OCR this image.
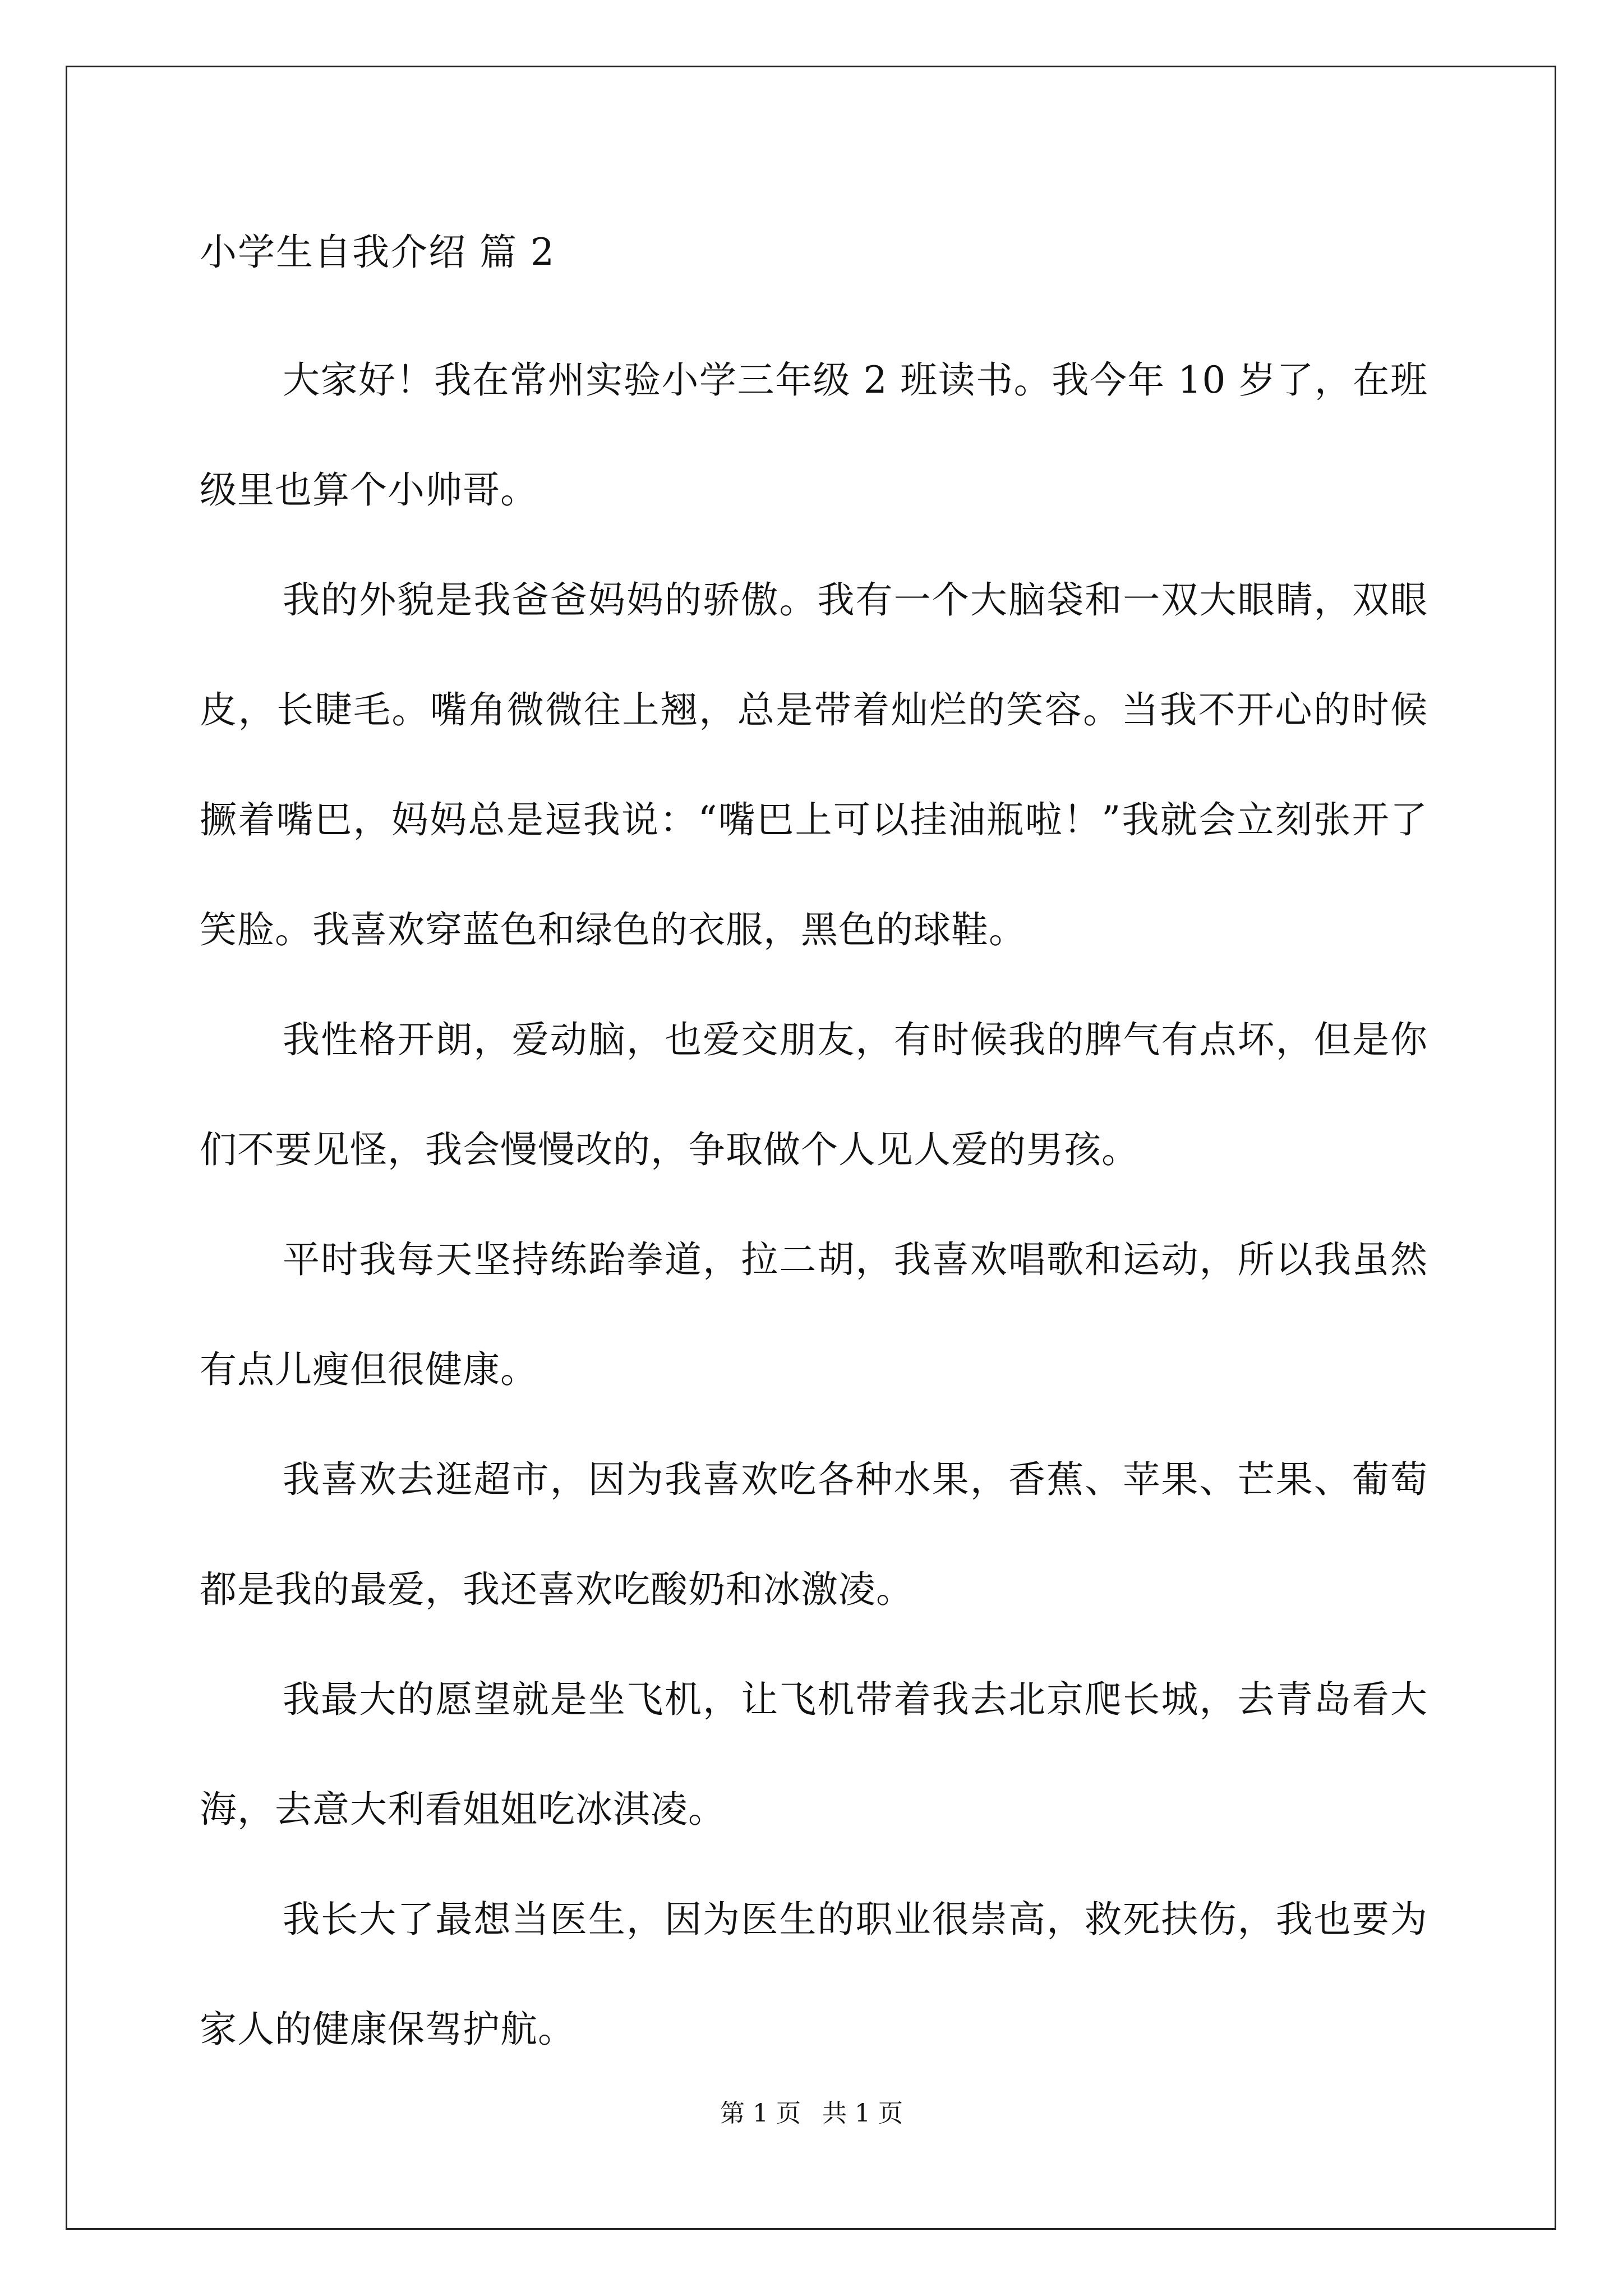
小学生自我介绍 篇 2

大家好！我在常州实验小学三年级 2 班读书。我今年 10 岁了，在班级里也算个小帅哥。

我的外貌是我爸爸妈妈的骄傲。我有一个大脑袋和一双大眼睛，双眼皮，长睫毛。嘴角微微往上翘，总是带着灿烂的笑容。当我不开心的时候撅着嘴巴，妈妈总是逗我说：“嘴巴上可以挂油瓶啦！”我就会立刻张开了笑脸。我喜欢穿蓝色和绿色的衣服，黑色的球鞋。

我性格开朗，爱动脑，也爱交朋友，有时候我的脾气有点坏，但是你们不要见怪，我会慢慢改的，争取做个人见人爱的男孩。

平时我每天坚持练跆拳道，拉二胡，我喜欢唱歌和运动，所以我虽然有点儿瘦但很健康。

我喜欢去逛超市，因为我喜欢吃各种水果，香蕉、苹果、芒果、葡萄都是我的最爱，我还喜欢吃酸奶和冰激凌。

我最大的愿望就是坐飞机，让飞机带着我去北京爬长城，去青岛看大海，去意大利看姐姐吃冰淇凌。

我长大了最想当医生，因为医生的职业很崇高，救死扶伤，我也要为家人的健康保驾护航。

第 1 页 共 1 页
